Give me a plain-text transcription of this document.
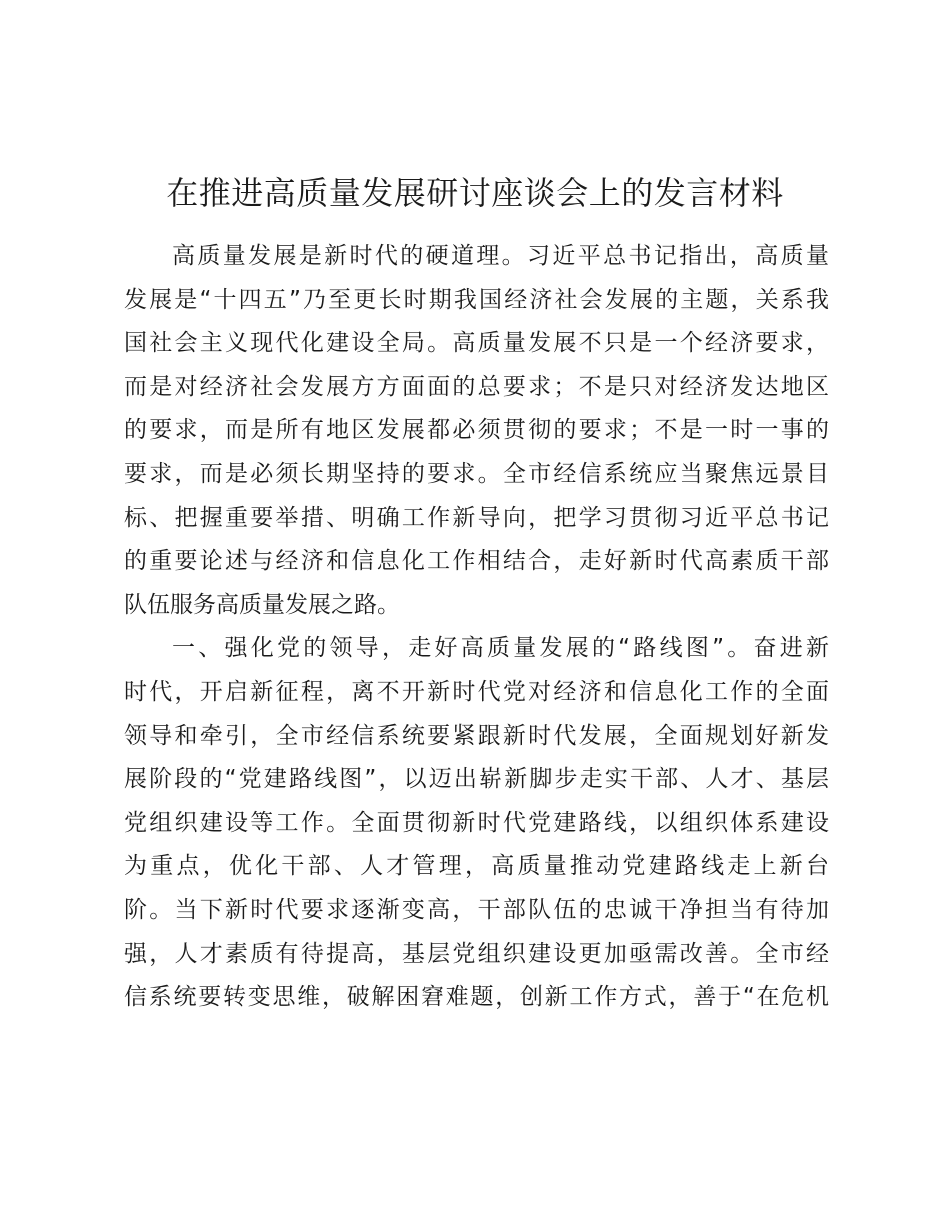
在推进高质量发展研讨座谈会上的发言材料
高质量发展是新时代的硬道理。习近平总书记指出，高质量
发展是“十四五”乃至更长时期我国经济社会发展的主题，关系我
国社会主义现代化建设全局。高质量发展不只是一个经济要求，
而是对经济社会发展方方面面的总要求；不是只对经济发达地区
的要求，而是所有地区发展都必须贯彻的要求；不是一时一事的
要求，而是必须长期坚持的要求。全市经信系统应当聚焦远景目
标、把握重要举措、明确工作新导向，把学习贯彻习近平总书记
的重要论述与经济和信息化工作相结合，走好新时代高素质干部
队伍服务高质量发展之路。
一、强化党的领导，走好高质量发展的“路线图”。奋进新
时代，开启新征程，离不开新时代党对经济和信息化工作的全面
领导和牵引，全市经信系统要紧跟新时代发展，全面规划好新发
展阶段的“党建路线图”，以迈出崭新脚步走实干部、人才、基层
党组织建设等工作。全面贯彻新时代党建路线，以组织体系建设
为重点，优化干部、人才管理，高质量推动党建路线走上新台
阶。当下新时代要求逐渐变高，干部队伍的忠诚干净担当有待加
强，人才素质有待提高，基层党组织建设更加亟需改善。全市经
信系统要转变思维，破解困窘难题，创新工作方式，善于“在危机
